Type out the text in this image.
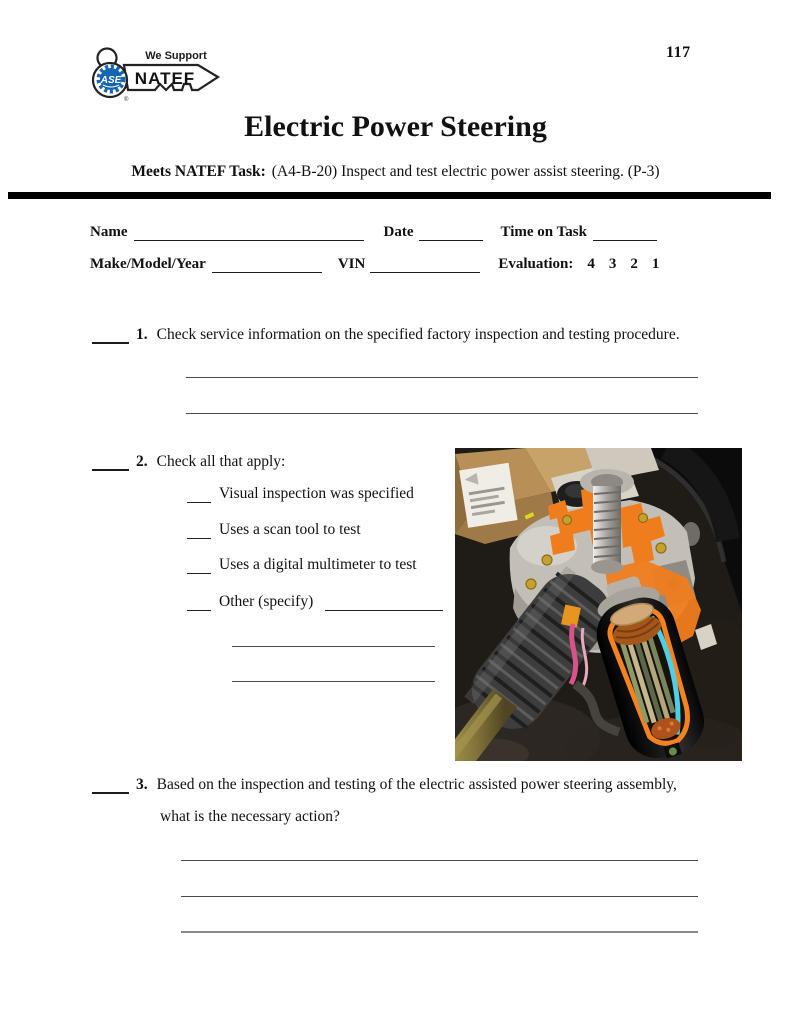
117
ASE
We Support
NATEF
®
Electric Power Steering
Meets NATEF Task: (A4-B-20) Inspect and test electric power assist steering. (P-3)
Name	Date	Time on Task
Make/Model/Year	VIN	Evaluation: 4 3 2 1
1. Check service information on the specified factory inspection and testing procedure.
2. Check all that apply:
Visual inspection was specified
Uses a scan tool to test
Uses a digital multimeter to test
Other (specify)
3. Based on the inspection and testing of the electric assisted power steering assembly,
what is the necessary action?
